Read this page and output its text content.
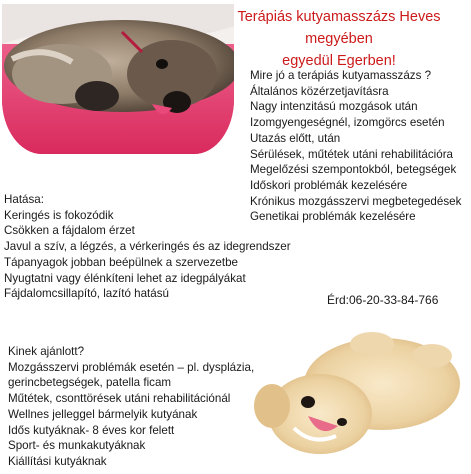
Terápiás kutyamasszázs Heves megyében
egyedül Egerben!
Mire jó a terápiás kutyamasszázs ?
Általános közérzetjavításra
Nagy intenzitású mozgások után
Izomgyengeségnél, izomgörcs esetén
Utazás előtt, után
Sérülések, műtétek utáni rehabilitációra
Megelőzési szempontokból, betegségek
Időskori problémák kezelésére
Krónikus mozgásszervi megbetegedések
Genetikai problémák kezelésére
Hatása:
Keringés is fokozódik
Csökken a fájdalom érzet
Javul a szív, a légzés, a vérkeringés és az idegrendszer
Tápanyagok jobban beépülnek a szervezetbe
Nyugtatni vagy élénkíteni lehet az idegpályákat
Fájdalomcsillapító, lazító hatású	Érd:06-20-33-84-766
Kinek ajánlott?
Mozgásszervi problémák esetén – pl. dysplázia,
gerincbetegségek, patella ficam
Műtétek, csonttörések utáni rehabilitációnál
Wellnes jelleggel bármelyik kutyának
Idős kutyáknak- 8 éves kor felett
Sport- és munkakutyáknak
Kiállítási kutyáknak
